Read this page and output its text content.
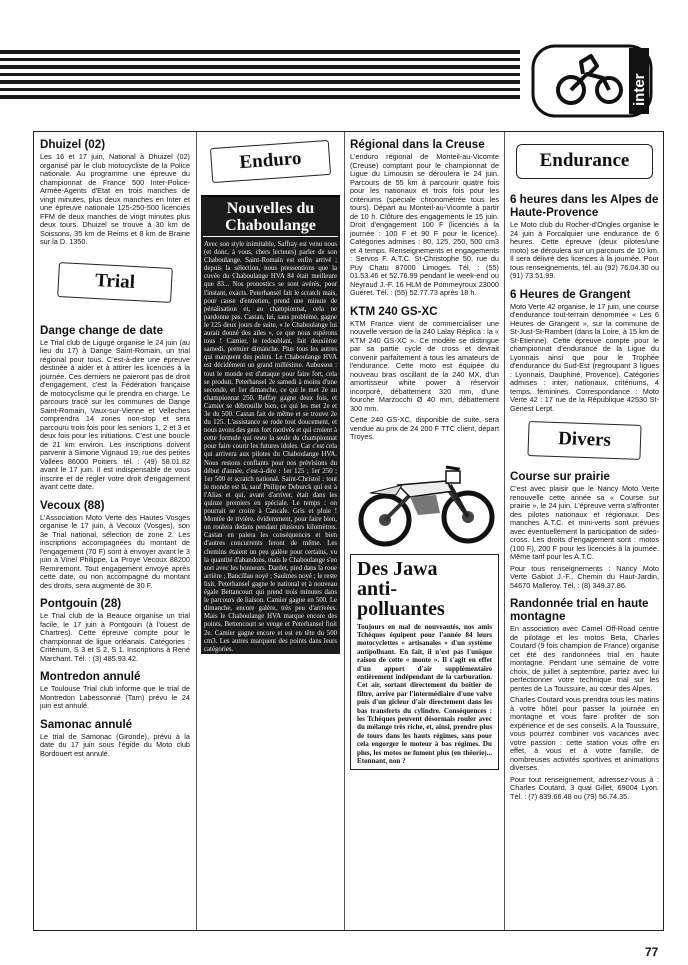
inter
Dhuizel (02)

Les 16 et 17 juin, National à Dhuizel (02) organisé par le club motocycliste de la Police nationale. Au programme une épreuve du championnat de France 500 Inter-Police-Armée-Agents d'Etat en trois manches de vingt minutes, plus deux manches en Inter et une épreuve nationale 125-250-500 licenciés FFM de deux manches de vingt minutes plus deux tours. Dhuizel se trouve à 30 km de Soissons, 35 km de Reims et 8 km de Braine sur la D. 1350.

Trial
Dange change de date

Le Trial club de Ligugé organise le 24 juin (au lieu du 17) à Dange Saint-Romain, un trial régional pour tous. C'est-à-dire une épreuve destinée à aider et à attirer les licenciés à la journée. Ces derniers ne paieront pas de droit d'engagement, c'est la Fédération française de motocyclisme qui le prendra en charge. Le parcours tracé sur les communes de Dange Saint-Romain, Vaux-sur-Vienne et Velleches comprendra 14 zones non-stop et sera parcouru trois fois pour les seniors 1, 2 et 3 et deux fois pour les initiations. C'est une boucle de 21 km environ. Les inscriptions doivent parvenir à Simone Vignaud 19, rue des petites Vallées 86000 Poitiers. tél. : (49) 58.01.82 avant le 17 juin. Il est indispensable de vous inscrire et de régler votre droit d'engagement avant cette date.

Vecoux (88)

L'Association Moto Verte des Hautes Vosges organise le 17 juin, à Vecoux (Vosges), son 3e Trial national, sélection de zone 2. Les inscriptions accompagnées du montant de l'engagement (70 F) sont à envoyer avant le 3 juin à Vinel Philippe, La Proye Vecoux 88200 Remiremont. Tout engagement envoyé après cette date, ou non accompagné du montant des droits, sera augmenté de 30 F.

Pontgouin (28)

Le Trial club de la Beauce organise un trial facile, le 17 juin à Pontgouin (à l'ouest de Chartres). Cette épreuve compte pour le championnat de ligue orléanais. Catégories : Critérium, S 3 et S 2, S 1. Inscriptions à René Marchant. Tél. : (3) 485.93.42.

Montredon annulé

Le Toulouse Trial club informe que le trial de Montredon Labessonnié (Tarn) prévu le 24 juin est annulé.

Samonac annulé

Le trial de Samonac (Gironde), prévu à la date du 17 juin sous l'égide du Moto club Bordouert est annulé.

Enduro
Nouvelles du Chaboulange

Avec son style inimitable, Saffray est venu nous (et donc, à vous, chers lecteurs) parler de son Chaboulange. Saint-Romain est enfin arrivé ; depuis la sélection, nous pressentions que la cuvée du Chaboulange HVA 84 était meilleure que 83... Nos pronostics se sont avérés, pour l'instant, exacts. Peterhansel fait le scratch mais, pour cause d'entretien, prend une minute de pénalisation et, au championnat, cela ne pardonne pas. Castan, lui, sans problème, gagne le 125 deux jours de suite, « le Chaboulange lui aurait donné des ailes », ce que nous espérons tous ! Camier, le redoublant, fait deuxième samedi, premier dimanche. Plus tous les autres qui marquent des points. Le Chaboulange HVA est décidément un grand millésime. Aubusson : tout le monde est d'attaque pour faire fort, cela se produit. Peterhansel 2e samedi à moins d'une seconde, et 1er dimanche, ce qui le met 2e au championnat 250. Reffay gagne deux fois, et Camier se débrouille bien, ce qui les met 2e et 3e du 500. Castan fait de même et se trouve 2e du 125. L'assistance se rode tout doucement, et nous avons des gens fort motivés et qui croient à cette formule qui reste la seule du championnat pour faire courir les futures idoles. Car c'est cela qui arrivera aux pilotes du Chaboulange HVA. Nous restons confiants pour nos prévisions du début d'année, c'est-à-dire : 1er 125 ; 1er 250 ; 1er 500 et scratch national. Saint-Christol : tout le monde est là, sauf Philippe Deburck qui est à l'Alias et qui, avant d'arriver, était dans les quinze premiers en spéciale. Le temps : on pourrait se croire à Cancale. Gris et pluie ! Montée de rivière, évidemment, pour faire bien, on roulera dedans pendant plusieurs kilomètres. Castan en paiera les conséquences et bien d'autres concurrents feront de même. Les chemins étaient un peu galère pour certains, vu la quantité d'abandons, mais le Chaboulange s'en sort avec les honneurs. Dardet, pied dans la roue arrière ; Bancillau noyé ; Saulmes noyé ; le reste lisit. Peterhansel gagne le national et à nouveau égale Bettancourt qui prend trois minutes dans le parcours de liaison. Camier gagne en 500. Le dimanche, encore galère, très peu d'arrivées. Mais le Chaboulange HVA marque encore des points. Bettencourt se venge et Peterhansel finit 2e. Camier gagne encore et est en tête du 500 cm3. Les autres marquent des points dans leurs catégories.

Régional dans la Creuse

L'enduro régional de Monteil-au-Vicomte (Creuse) comptant pour le championnat de Ligue du Limousin se déroulera le 24 juin. Parcours de 55 km à parcourir quatre fois pour les nationaux et trois fois pour les critériums (spéciale chronométrée tous les tours). Départ au Monteil-au-Vicomte à partir de 10 h. Clôture des engagements le 15 juin. Droit d'engagement 100 F (licenciés à la journée : 100 F et 90 F pour le licence). Catégories admises : 80, 125, 250, 500 cm3 et 4 temps. Renseignements et engagements : Servos F. A.T.C. St-Christophe 50, rue du Puy Chatu 87000 Limoges. Tél. : (55) 01.53.46 et 52.76.99 pendant le week-end ou Neyraud J.-F. 16 HLM de Pommeyroux 23000 Guéret. Tél. : (55) 52.77.73 après 18 h.

KTM 240 GS-XC

KTM France vient de commercialiser une nouvelle version de la 240 Lalay Réplica : la « KTM 240 GS-XC ». Ce modèle se distingue par sa partie cycle de cross et devrait convenir parfaitement à tous les amateurs de l'endurance. Cette moto est équipée du nouveau bras oscillant de la 240 MX, d'un amortisseur white power à réservoir incorporé, débattement 320 mm, d'une fourche Marzocchi Ø 40 mm, débattement 300 mm.

Cette 240 GS-XC, disponible de suite, sera vendue au prix de 24 200 F TTC client, départ Troyes.

Des Jawa
anti-
polluantes

Toujours en mal de nouveautés, nos amis Tchèques équipent pour l'année 84 leurs motocyclettes « artisanales » d'un système antipolluant. En fait, il n'est pas l'unique raison de cette « monte ». Il s'agit en effet d'un apport d'air supplémentaire entièrement indépendant de la carburation. Cet air, sortant directement du boîtier de filtre, arrive par l'intermédiaire d'une valve puis d'un gicleur d'air directement dans les bas transferts du cylindre. Conséquences : les Tchèques peuvent désormais rouler avec du mélange très riche, et, ainsi, prendre plus de tours dans les hauts régimes, sans pour cela engorger le moteur à bas régimes. Du plus, les motos ne fument plus (en théorie)... Etonnant, non ?

Endurance
6 heures dans les Alpes de Haute-Provence

Le Moto club du Rocher-d'Ongles organise le 24 juin à Forcalquier une endurance de 6 heures. Cette épreuve (deux pilotes/une moto) se déroulera sur un parcours de 10 km. Il sera délivré des licences à la journée. Pour tous renseignements, tél. au (92) 76.04.30 ou (91) 73.51.99.

6 Heures de Grangent

Moto Verte 42 organise, le 17 juin, une course d'endurance tout-terrain dénommée « Les 6 Heures de Grangent », sur la commune de St-Just-St-Rambert (dans la Loire, à 15 km de St-Etienne). Cette épreuve compte pour le championnat d'endurance de la Ligue du Lyonnais ainsi que pour le Trophée d'endurance du Sud-Est (regroupant 3 ligues : Lyonnais, Dauphiné, Provence). Catégories admises : inter, nationaux, critériums, 4 temps, féminines. Correspondance : Moto Verte 42 : 17 rue de la République 42530 St-Genest Lerpt.

Divers
Course sur prairie

C'est avec plaisir que le Nancy Moto Verte renouvelle cette année sa « Course sur prairie », le 24 juin. L'épreuve verra s'affronter des pilotes nationaux et régionaux. Des manches A.T.C. et mini-verts sont prévues avec éventuellement la participation de sides-cross. Les droits d'engagement sont : motos (100 F), 200 F pour les licenciés à la journée. Même tarif pour les A.T.C.

Pour tous renseignements : Nancy Moto Verte Gabiot J.-F., Chemin du Haut-Jardin, 54670 Malleroy. Tél. : (8) 349.37.86.

Randonnée trial en haute montagne

En association avec Camel Off-Road centre de pilotage et les motos Beta, Charles Coutard (9 fois champion de France) organise cet été des randonnées trial en haute montagne. Pendant une semaine de votre choix, de juillet à septembre, partez avec lui perfectionner votre technique trial sur les pentes de La Toussuire, au cœur des Alpes.

Charles Coutard vous prendra tous les matins à votre hôtel pour passer la journée en montagne et vous faire profiter de son expérience et de ses conseils. A la Toussuire, vous pourrez combiner vos vacances avec votre passion : cette station vous offre en effet, à vous et à votre famille, de nombreuses activités sportives et animations diverses.

Pour tout renseignement, adressez-vous à : Charles Coutard, 3 quai Gillet, 69004 Lyon. Tél. : (7) 839.66.48 ou (79) 56.74.35.

77
